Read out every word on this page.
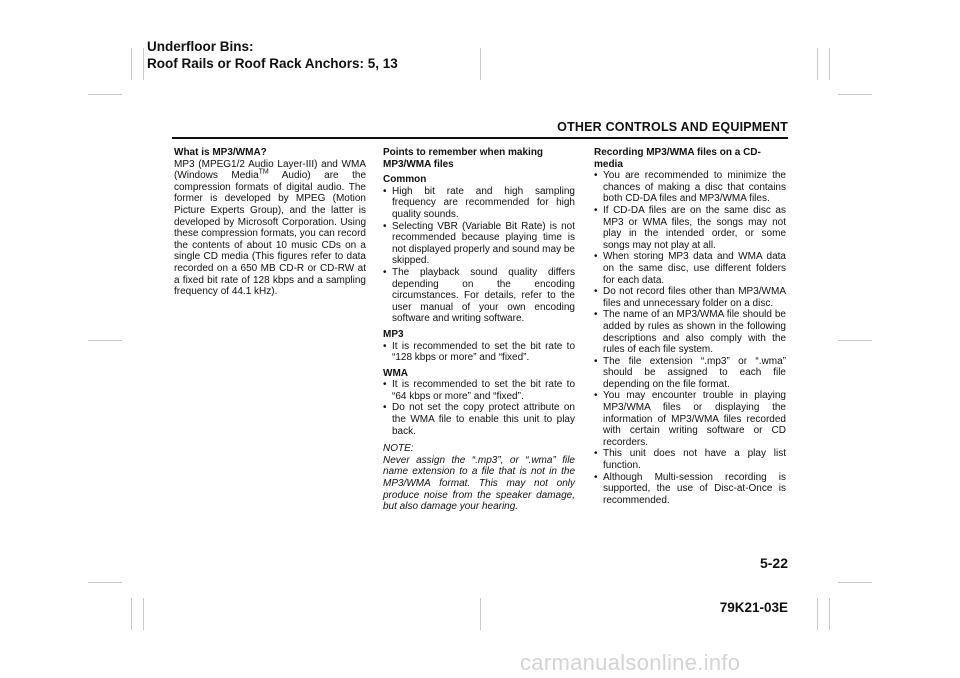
Underfloor Bins:
Roof Rails or Roof Rack Anchors: 5, 13
OTHER CONTROLS AND EQUIPMENT
What is MP3/WMA?

MP3 (MPEG1/2 Audio Layer-III) and WMA (Windows Media™ Audio) are the compression formats of digital audio. The former is developed by MPEG (Motion Picture Experts Group), and the latter is developed by Microsoft Corporation. Using these compression formats, you can record the contents of about 10 music CDs on a single CD media (This figures refer to data recorded on a 650 MB CD-R or CD-RW at a fixed bit rate of 128 kbps and a sampling frequency of 44.1 kHz).

Points to remember when making MP3/WMA files
Common
• High bit rate and high sampling frequency are recommended for high quality sounds.
• Selecting VBR (Variable Bit Rate) is not recommended because playing time is not displayed properly and sound may be skipped.
• The playback sound quality differs depending on the encoding circumstances. For details, refer to the user manual of your own encoding software and writing software.
MP3
• It is recommended to set the bit rate to “128 kbps or more” and “fixed”.
WMA
• It is recommended to set the bit rate to “64 kbps or more” and “fixed”.
• Do not set the copy protect attribute on the WMA file to enable this unit to play back.
NOTE:
Never assign the “.mp3”, or “.wma” file name extension to a file that is not in the MP3/WMA format. This may not only produce noise from the speaker damage, but also damage your hearing.
Recording MP3/WMA files on a CD-media
• You are recommended to minimize the chances of making a disc that contains both CD-DA files and MP3/WMA files.
• If CD-DA files are on the same disc as MP3 or WMA files, the songs may not play in the intended order, or some songs may not play at all.
• When storing MP3 data and WMA data on the same disc, use different folders for each data.
• Do not record files other than MP3/WMA files and unnecessary folder on a disc.
• The name of an MP3/WMA file should be added by rules as shown in the following descriptions and also comply with the rules of each file system.
• The file extension “.mp3” or “.wma” should be assigned to each file depending on the file format.
• You may encounter trouble in playing MP3/WMA files or displaying the information of MP3/WMA files recorded with certain writing software or CD recorders.
• This unit does not have a play list function.
• Although Multi-session recording is supported, the use of Disc-at-Once is recommended.
5-22
79K21-03E
carmanualsonline.info
